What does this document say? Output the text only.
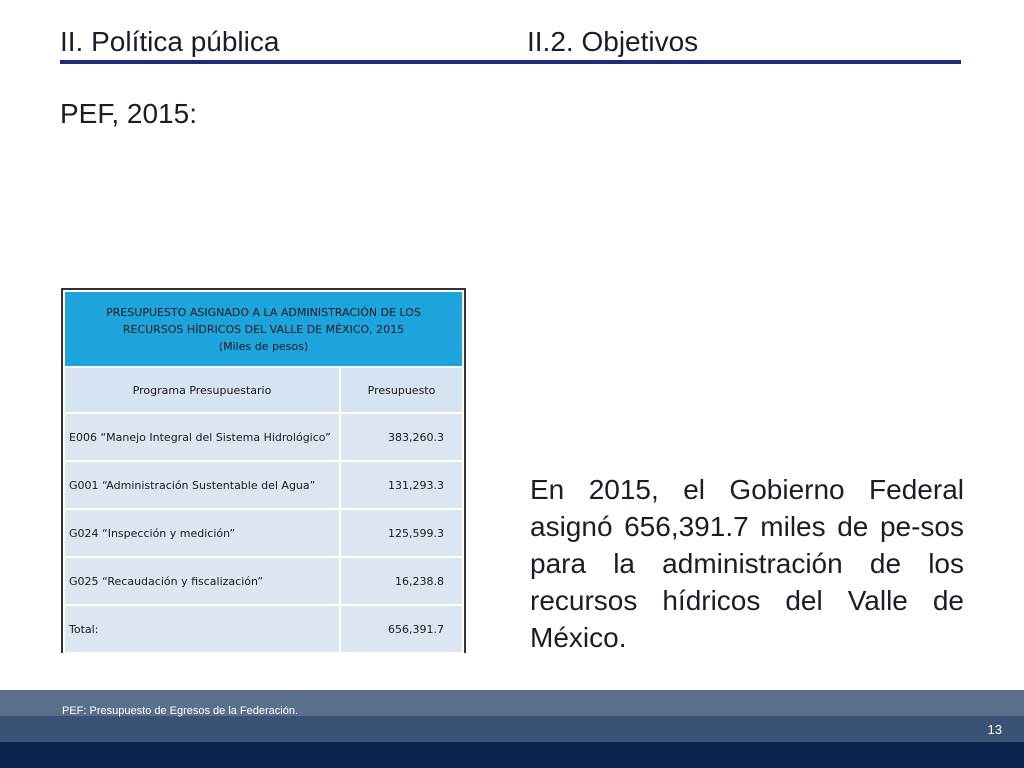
II. Política pública	II.2. Objetivos
PEF, 2015:
PRESUPUESTO ASIGNADO A LA ADMINISTRACIÓN DE LOS
RECURSOS HÍDRICOS DEL VALLE DE MÉXICO, 2015
(Miles de pesos)	

Programa Presupuestario	Presupuesto
E006 “Manejo Integral del Sistema Hidrológico”	383,260.3
G001 “Administración Sustentable del Agua”	131,293.3
G024 “Inspección y medición”	125,599.3
G025 “Recaudación y fiscalización”	16,238.8
Total:	656,391.7
En 2015, el Gobierno Federal asignó 656,391.7 miles de pe-sos para la administración de los recursos hídricos del Valle de México.
PEF: Presupuesto de Egresos de la Federación.
13
